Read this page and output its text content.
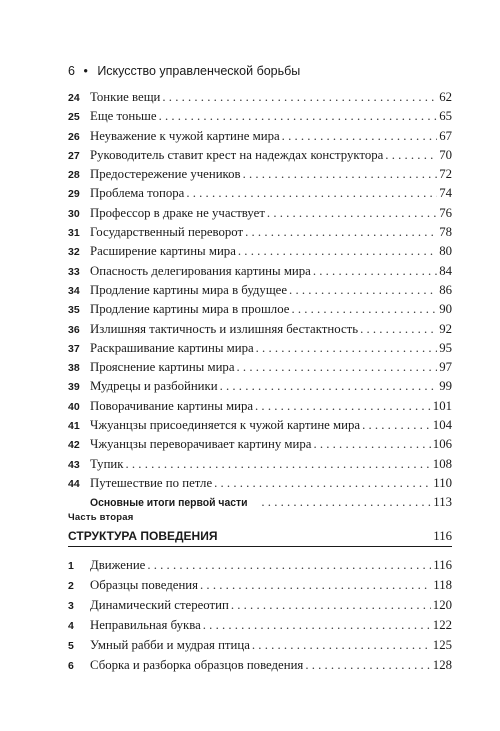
6 • Искусство управленческой борьбы
24 Тонкие вещи . . .	62
25 Еще тоньше . . .	65
26 Неуважение к чужой картине мира . . .	67
27 Руководитель ставит крест на надеждах конструктора . . .	70
28 Предостережение учеников . . .	72
29 Проблема топора . . .	74
30 Профессор в драке не участвует . . .	76
31 Государственный переворот . . .	78
32 Расширение картины мира . . .	80
33 Опасность делегирования картины мира . . .	84
34 Продление картины мира в будущее . . .	86
35 Продление картины мира в прошлое . . .	90
36 Излишняя тактичность и излишняя бестактность . . .	92
37 Раскрашивание картины мира . . .	95
38 Прояснение картины мира . . .	97
39 Мудрецы и разбойники . . .	99
40 Поворачивание картины мира . . .	101
41 Чжуанцзы присоединяется к чужой картине мира . . .	104
42 Чжуанцзы переворачивает картину мира . . .	106
43 Тупик . . .	108
44 Путешествие по петле . . .	110
Основные итоги первой части . . .	113
Часть вторая
СТРУКТУРА ПОВЕДЕНИЯ	116
1	Движение . . .	116
2	Образцы поведения . . .	118
3	Динамический стереотип . . .	120
4	Неправильная буква . . .	122
5	Умный рабби и мудрая птица . . .	125
6	Сборка и разборка образцов поведения . . .	128
